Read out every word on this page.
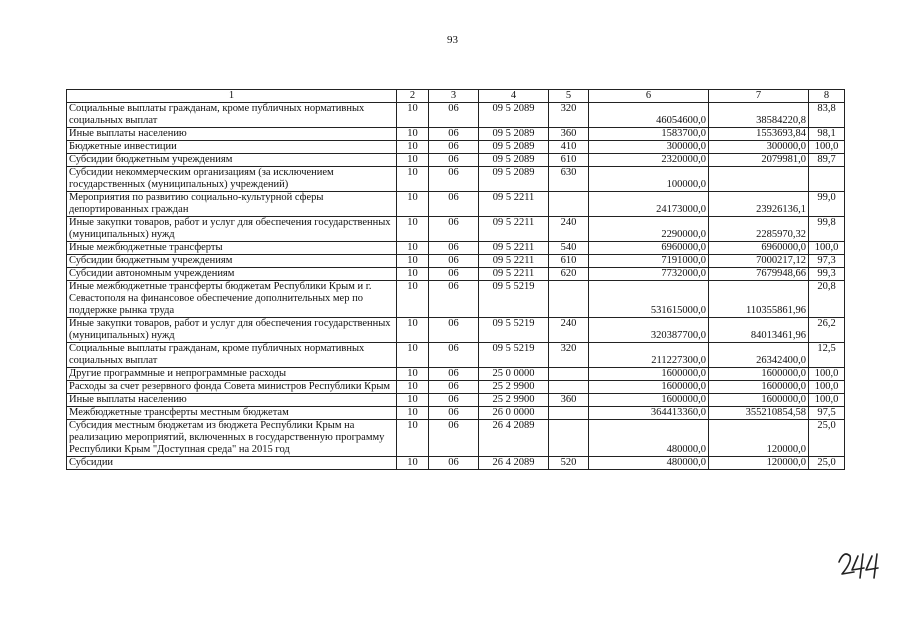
93
1	2	3	4	5	6	7	8
Социальные выплаты гражданам, кроме публичных нормативных социальных выплат	10	06	09 5 2089	320	46054600,0	38584220,8	83,8
Иные выплаты населению	10	06	09 5 2089	360	1583700,0	1553693,84	98,1
Бюджетные инвестиции	10	06	09 5 2089	410	300000,0	300000,0	100,0
Субсидии бюджетным учреждениям	10	06	09 5 2089	610	2320000,0	2079981,0	89,7
Субсидии некоммерческим организациям (за исключением государственных (муниципальных) учреждений)	10	06	09 5 2089	630	100000,0		
Мероприятия по развитию социально-культурной сферы депортированных граждан	10	06	09 5 2211		24173000,0	23926136,1	99,0
Иные закупки товаров, работ и услуг для обеспечения государственных (муниципальных) нужд	10	06	09 5 2211	240	2290000,0	2285970,32	99,8
Иные межбюджетные трансферты	10	06	09 5 2211	540	6960000,0	6960000,0	100,0
Субсидии бюджетным учреждениям	10	06	09 5 2211	610	7191000,0	7000217,12	97,3
Субсидии автономным учреждениям	10	06	09 5 2211	620	7732000,0	7679948,66	99,3
Иные межбюджетные трансферты бюджетам Республики Крым и г. Севастополя на финансовое обеспечение дополнительных мер по поддержке рынка труда	10	06	09 5 5219		531615000,0	110355861,96	20,8
Иные закупки товаров, работ и услуг для обеспечения государственных (муниципальных) нужд	10	06	09 5 5219	240	320387700,0	84013461,96	26,2
Социальные выплаты гражданам, кроме публичных нормативных социальных выплат	10	06	09 5 5219	320	211227300,0	26342400,0	12,5
Другие программные и непрограммные расходы	10	06	25 0 0000		1600000,0	1600000,0	100,0
Расходы за счет резервного фонда Совета министров Республики Крым	10	06	25 2 9900		1600000,0	1600000,0	100,0
Иные выплаты населению	10	06	25 2 9900	360	1600000,0	1600000,0	100,0
Межбюджетные трансферты местным бюджетам	10	06	26 0 0000		364413360,0	355210854,58	97,5
Субсидия местным бюджетам из бюджета Республики Крым на реализацию мероприятий, включенных в государственную программу Республики Крым "Доступная среда" на 2015 год	10	06	26 4 2089		480000,0	120000,0	25,0
Субсидии	10	06	26 4 2089	520	480000,0	120000,0	25,0
